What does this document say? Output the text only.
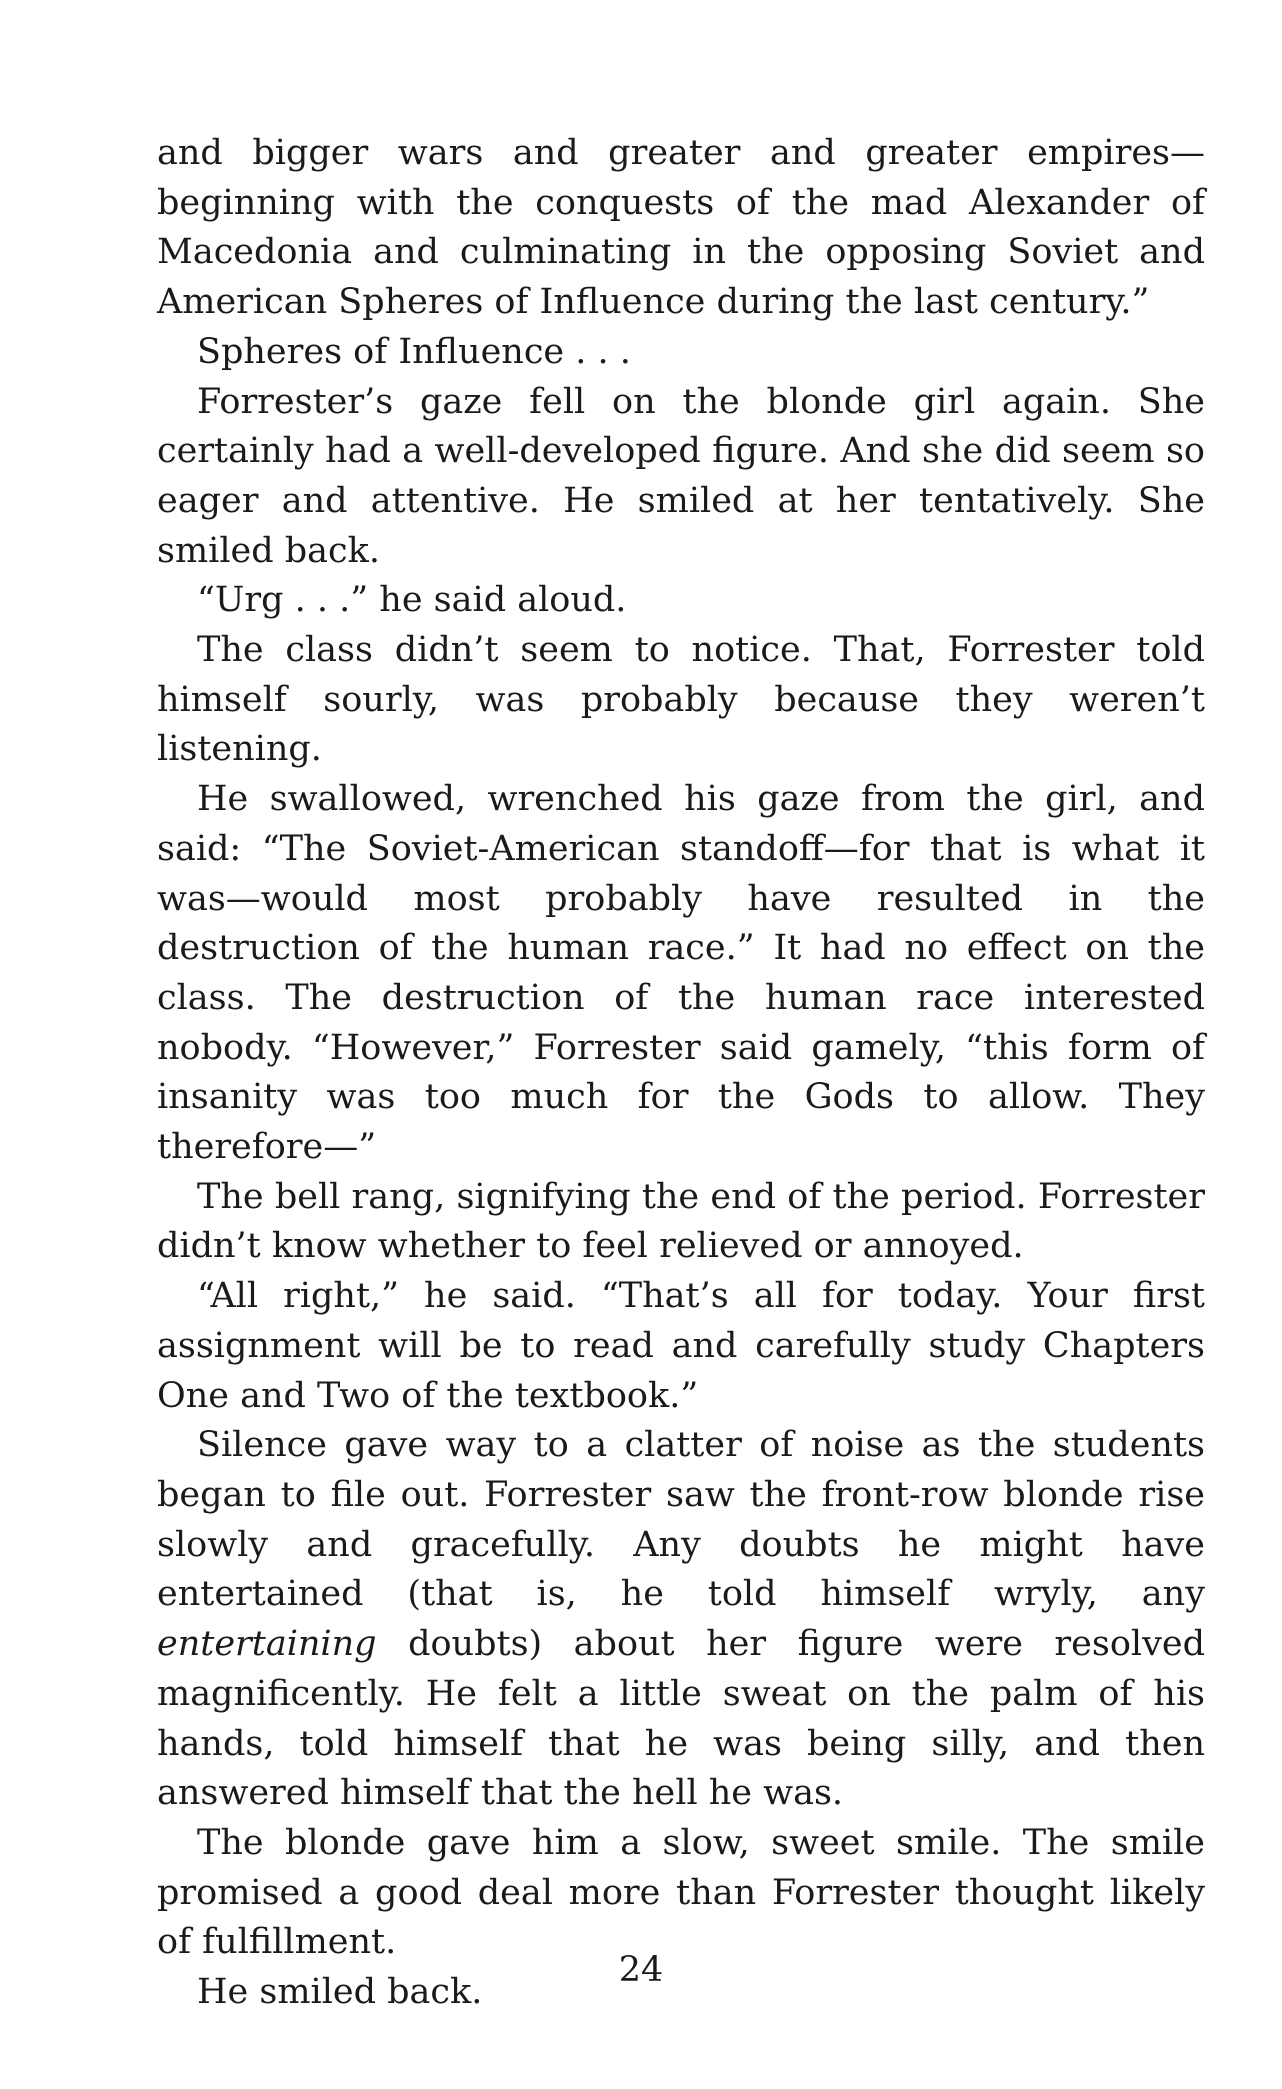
and bigger wars and greater and greater empires—beginning with the conquests of the mad Alexander of Macedonia and culminating in the opposing Soviet and American Spheres of Influence during the last century.”

Spheres of Influence . . .

Forrester’s gaze fell on the blonde girl again. She certainly had a well-developed figure. And she did seem so eager and attentive. He smiled at her tentatively. She smiled back.

“Urg . . .” he said aloud.

The class didn’t seem to notice. That, Forrester told himself sourly, was probably because they weren’t listening.

He swallowed, wrenched his gaze from the girl, and said: “The Soviet-American standoff—for that is what it was—would most probably have resulted in the destruction of the human race.” It had no effect on the class. The destruction of the human race interested nobody. “However,” Forrester said gamely, “this form of insanity was too much for the Gods to allow. They therefore—”

The bell rang, signifying the end of the period. Forrester didn’t know whether to feel relieved or annoyed.

“All right,” he said. “That’s all for today. Your first assignment will be to read and carefully study Chapters One and Two of the textbook.”

Silence gave way to a clatter of noise as the students began to file out. Forrester saw the front-row blonde rise slowly and gracefully. Any doubts he might have entertained (that is, he told himself wryly, any entertaining doubts) about her figure were resolved magnificently. He felt a little sweat on the palm of his hands, told himself that he was being silly, and then answered himself that the hell he was.

The blonde gave him a slow, sweet smile. The smile promised a good deal more than Forrester thought likely of fulfillment.

He smiled back.

24
